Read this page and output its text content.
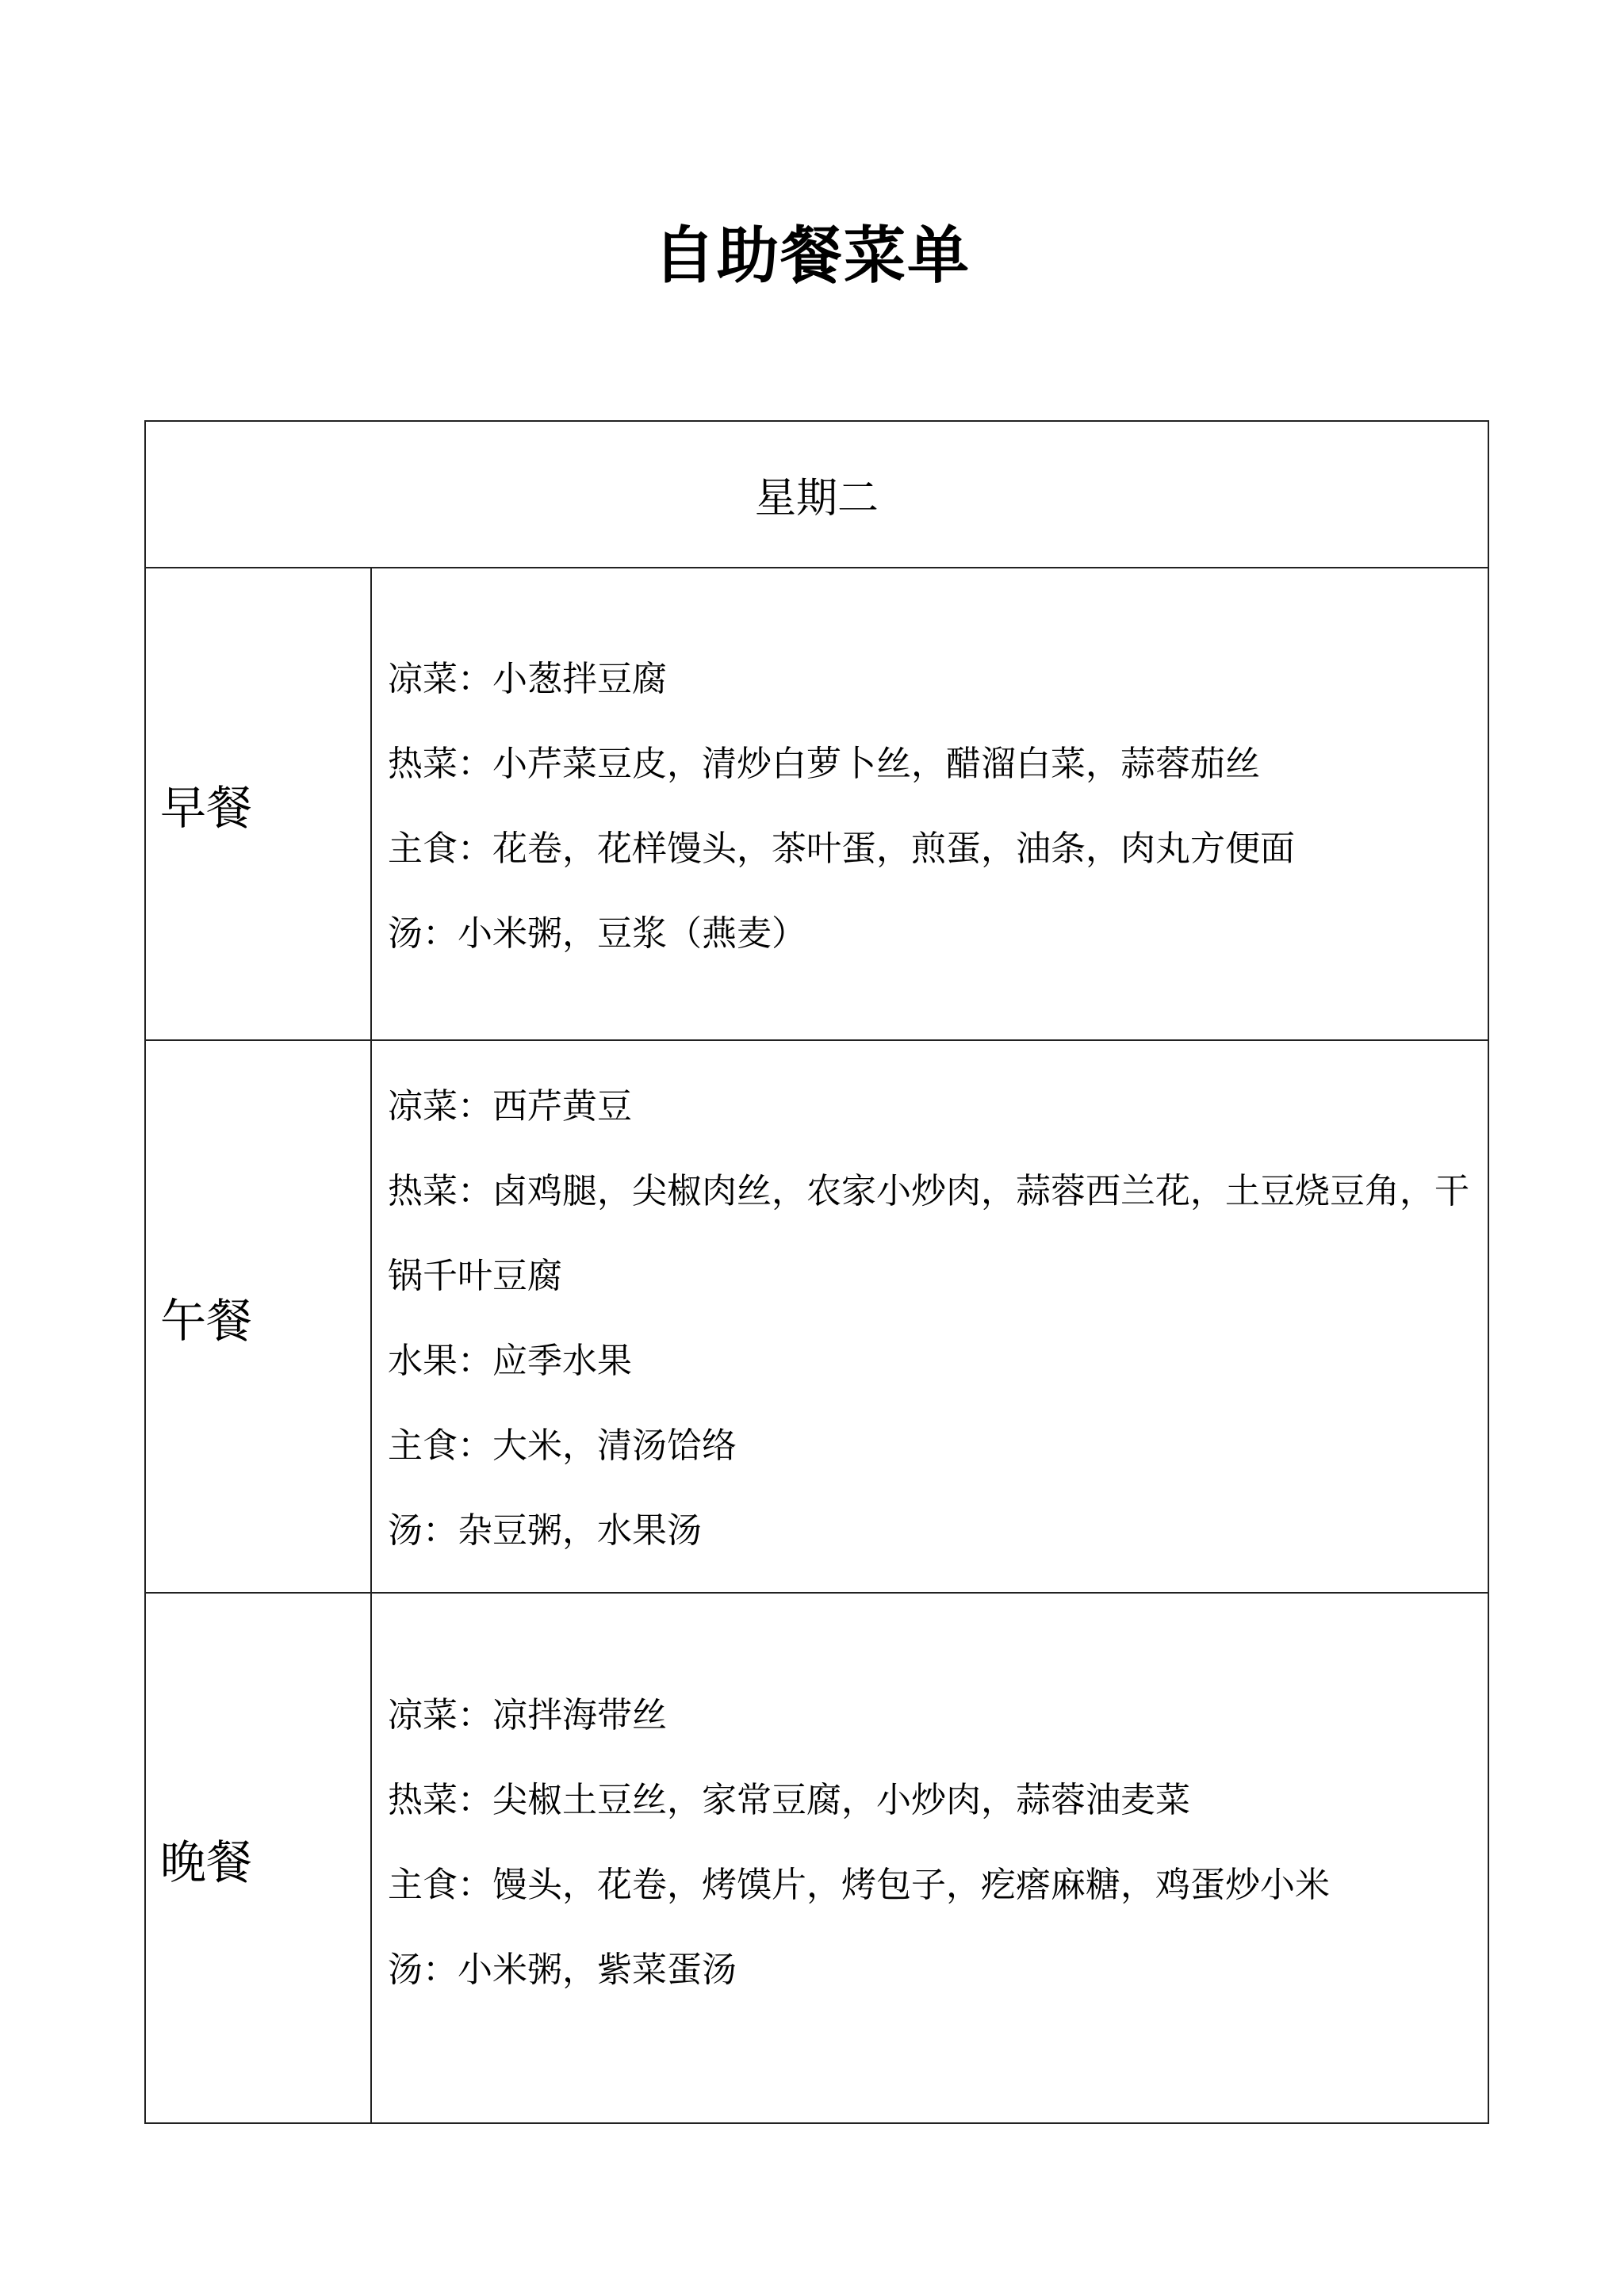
自助餐菜单
星期二	
早餐	凉菜：小葱拌豆腐
热菜：小芹菜豆皮，清炒白萝卜丝，醋溜白菜，蒜蓉茄丝
主食：花卷，花样馒头，茶叶蛋，煎蛋，油条，肉丸方便面
汤：小米粥，豆浆（燕麦）

午餐	凉菜：西芹黄豆
热菜：卤鸡腿，尖椒肉丝，农家小炒肉，蒜蓉西兰花，土豆烧豆角，干锅千叶豆腐
水果：应季水果
主食：大米，清汤饸络
汤：杂豆粥，水果汤

晚餐	凉菜：凉拌海带丝
热菜：尖椒土豆丝，家常豆腐，小炒肉，蒜蓉油麦菜
主食：馒头，花卷，烤馍片，烤包子，疙瘩麻糖，鸡蛋炒小米
汤：小米粥，紫菜蛋汤
